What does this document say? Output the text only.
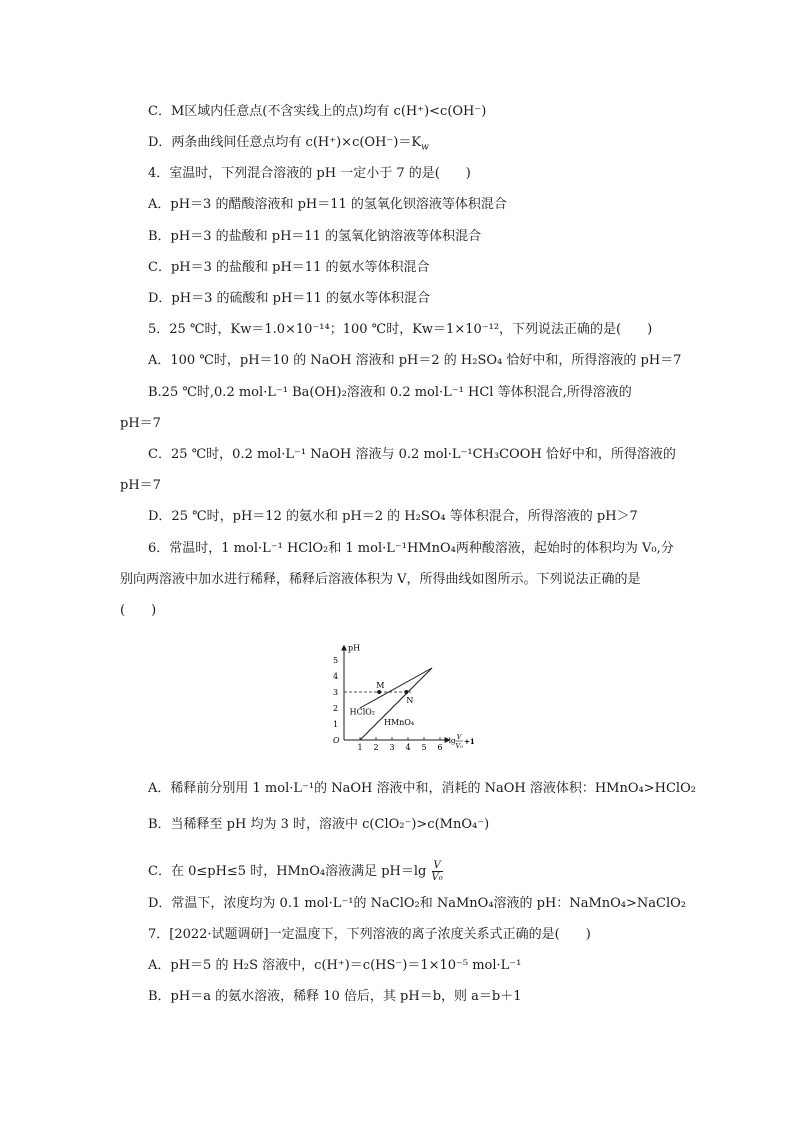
C．M区域内任意点(不含实线上的点)均有 c(H⁺)<c(OH⁻)
D．两条曲线间任意点均有 $c(H^+)\times c(OH^-)=K_w$
4．室温时，下列混合溶液的 pH 一定小于 7 的是(　　)
A．pH＝3 的醋酸溶液和 pH＝11 的氢氧化钡溶液等体积混合
B．pH＝3 的盐酸和 pH＝11 的氢氧化钠溶液等体积混合
C．pH＝3 的盐酸和 pH＝11 的氨水等体积混合
D．pH＝3 的硫酸和 pH＝11 的氨水等体积混合
5．25 ℃时，Kw＝1.0×10⁻¹⁴；100 ℃时，Kw＝1×10⁻¹²，下列说法正确的是(　　)
A．100 ℃时，pH＝10 的 NaOH 溶液和 pH＝2 的 H₂SO₄ 恰好中和，所得溶液的 pH＝7
B.25 ℃时,0.2 mol·L⁻¹ Ba(OH)₂溶液和 0.2 mol·L⁻¹ HCl 等体积混合,所得溶液的
pH＝7
C．25 ℃时，0.2 mol·L⁻¹ NaOH 溶液与 0.2 mol·L⁻¹CH₃COOH 恰好中和，所得溶液的
pH＝7
D．25 ℃时，pH＝12 的氨水和 pH＝2 的 H₂SO₄ 等体积混合，所得溶液的 pH＞7
6．常温时，1 mol·L⁻¹ HClO₂和 1 mol·L⁻¹HMnO₄两种酸溶液，起始时的体积均为 V₀,分
别向两溶液中加水进行稀释，稀释后溶液体积为 V，所得曲线如图所示。下列说法正确的是
(　　)
pH
O
1 2 3 4 5 6
1
2
3
4
5
lg V
V₀ +1
HClO₂
HMnO₄
M
N
A．稀释前分别用 1 mol·L⁻¹的 NaOH 溶液中和，消耗的 NaOH 溶液体积：HMnO₄>HClO₂
B．当稀释至 pH 均为 3 时，溶液中 c(ClO₂⁻)>c(MnO₄⁻)
C．在 0≤pH≤5 时，HMnO₄溶液满足 $pH=\lg \frac{V}{\text{V₀}}$
D．常温下，浓度均为 0.1 mol·L⁻¹的 NaClO₂和 NaMnO₄溶液的 pH：NaMnO₄>NaClO₂
7．[2022·试题调研]一定温度下，下列溶液的离子浓度关系式正确的是(　　)
A．pH＝5 的 H₂S 溶液中，c(H⁺)＝c(HS⁻)＝1×10⁻⁵ mol·L⁻¹
B．pH＝a 的氨水溶液，稀释 10 倍后，其 pH＝b，则 a＝b＋1
